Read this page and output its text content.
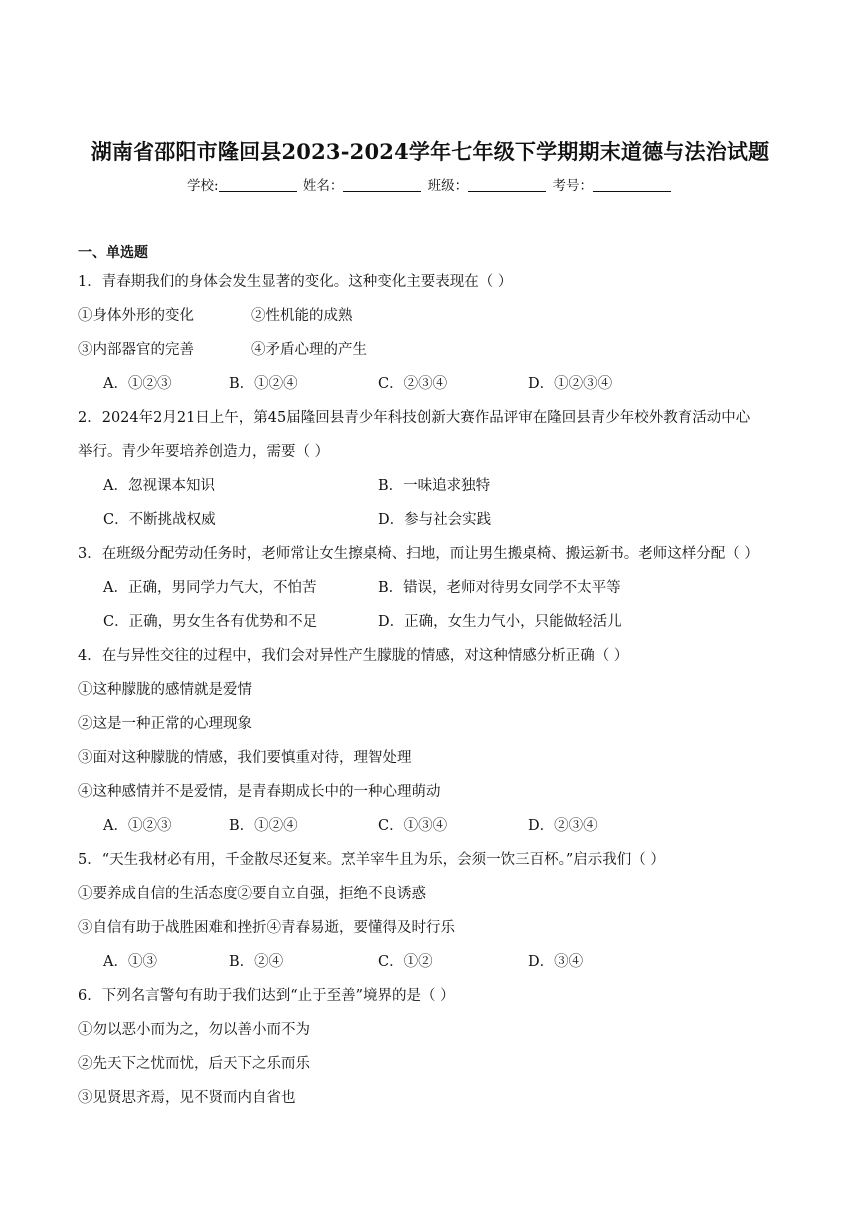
湖南省邵阳市隆回县2023-2024学年七年级下学期期末道德与法治试题
学校:	姓名：	班级：	考号：
一、单选题
1．青春期我们的身体会发生显著的变化。这种变化主要表现在（ ）
①身体外形的变化	②性机能的成熟
③内部器官的完善	④矛盾心理的产生
A．①②③	B．①②④	C．②③④	D．①②③④
2．2024年2月21日上午，第45届隆回县青少年科技创新大赛作品评审在隆回县青少年校外教育活动中心
举行。青少年要培养创造力，需要（ ）
A．忽视课本知识	B．一味追求独特
C．不断挑战权威	D．参与社会实践
3．在班级分配劳动任务时，老师常让女生擦桌椅、扫地，而让男生搬桌椅、搬运新书。老师这样分配（ ）
A．正确，男同学力气大，不怕苦	B．错误，老师对待男女同学不太平等
C．正确，男女生各有优势和不足	D．正确，女生力气小，只能做轻活儿
4．在与异性交往的过程中，我们会对异性产生朦胧的情感，对这种情感分析正确（ ）
①这种朦胧的感情就是爱情
②这是一种正常的心理现象
③面对这种朦胧的情感，我们要慎重对待，理智处理
④这种感情并不是爱情，是青春期成长中的一种心理萌动
A．①②③	B．①②④	C．①③④	D．②③④
5．“天生我材必有用，千金散尽还复来。烹羊宰牛且为乐，会须一饮三百杯。”启示我们（ ）
①要养成自信的生活态度②要自立自强，拒绝不良诱惑
③自信有助于战胜困难和挫折④青春易逝，要懂得及时行乐
A．①③	B．②④	C．①②	D．③④
6．下列名言警句有助于我们达到“止于至善”境界的是（ ）
①勿以恶小而为之，勿以善小而不为
②先天下之忧而忧，后天下之乐而乐
③见贤思齐焉，见不贤而内自省也
